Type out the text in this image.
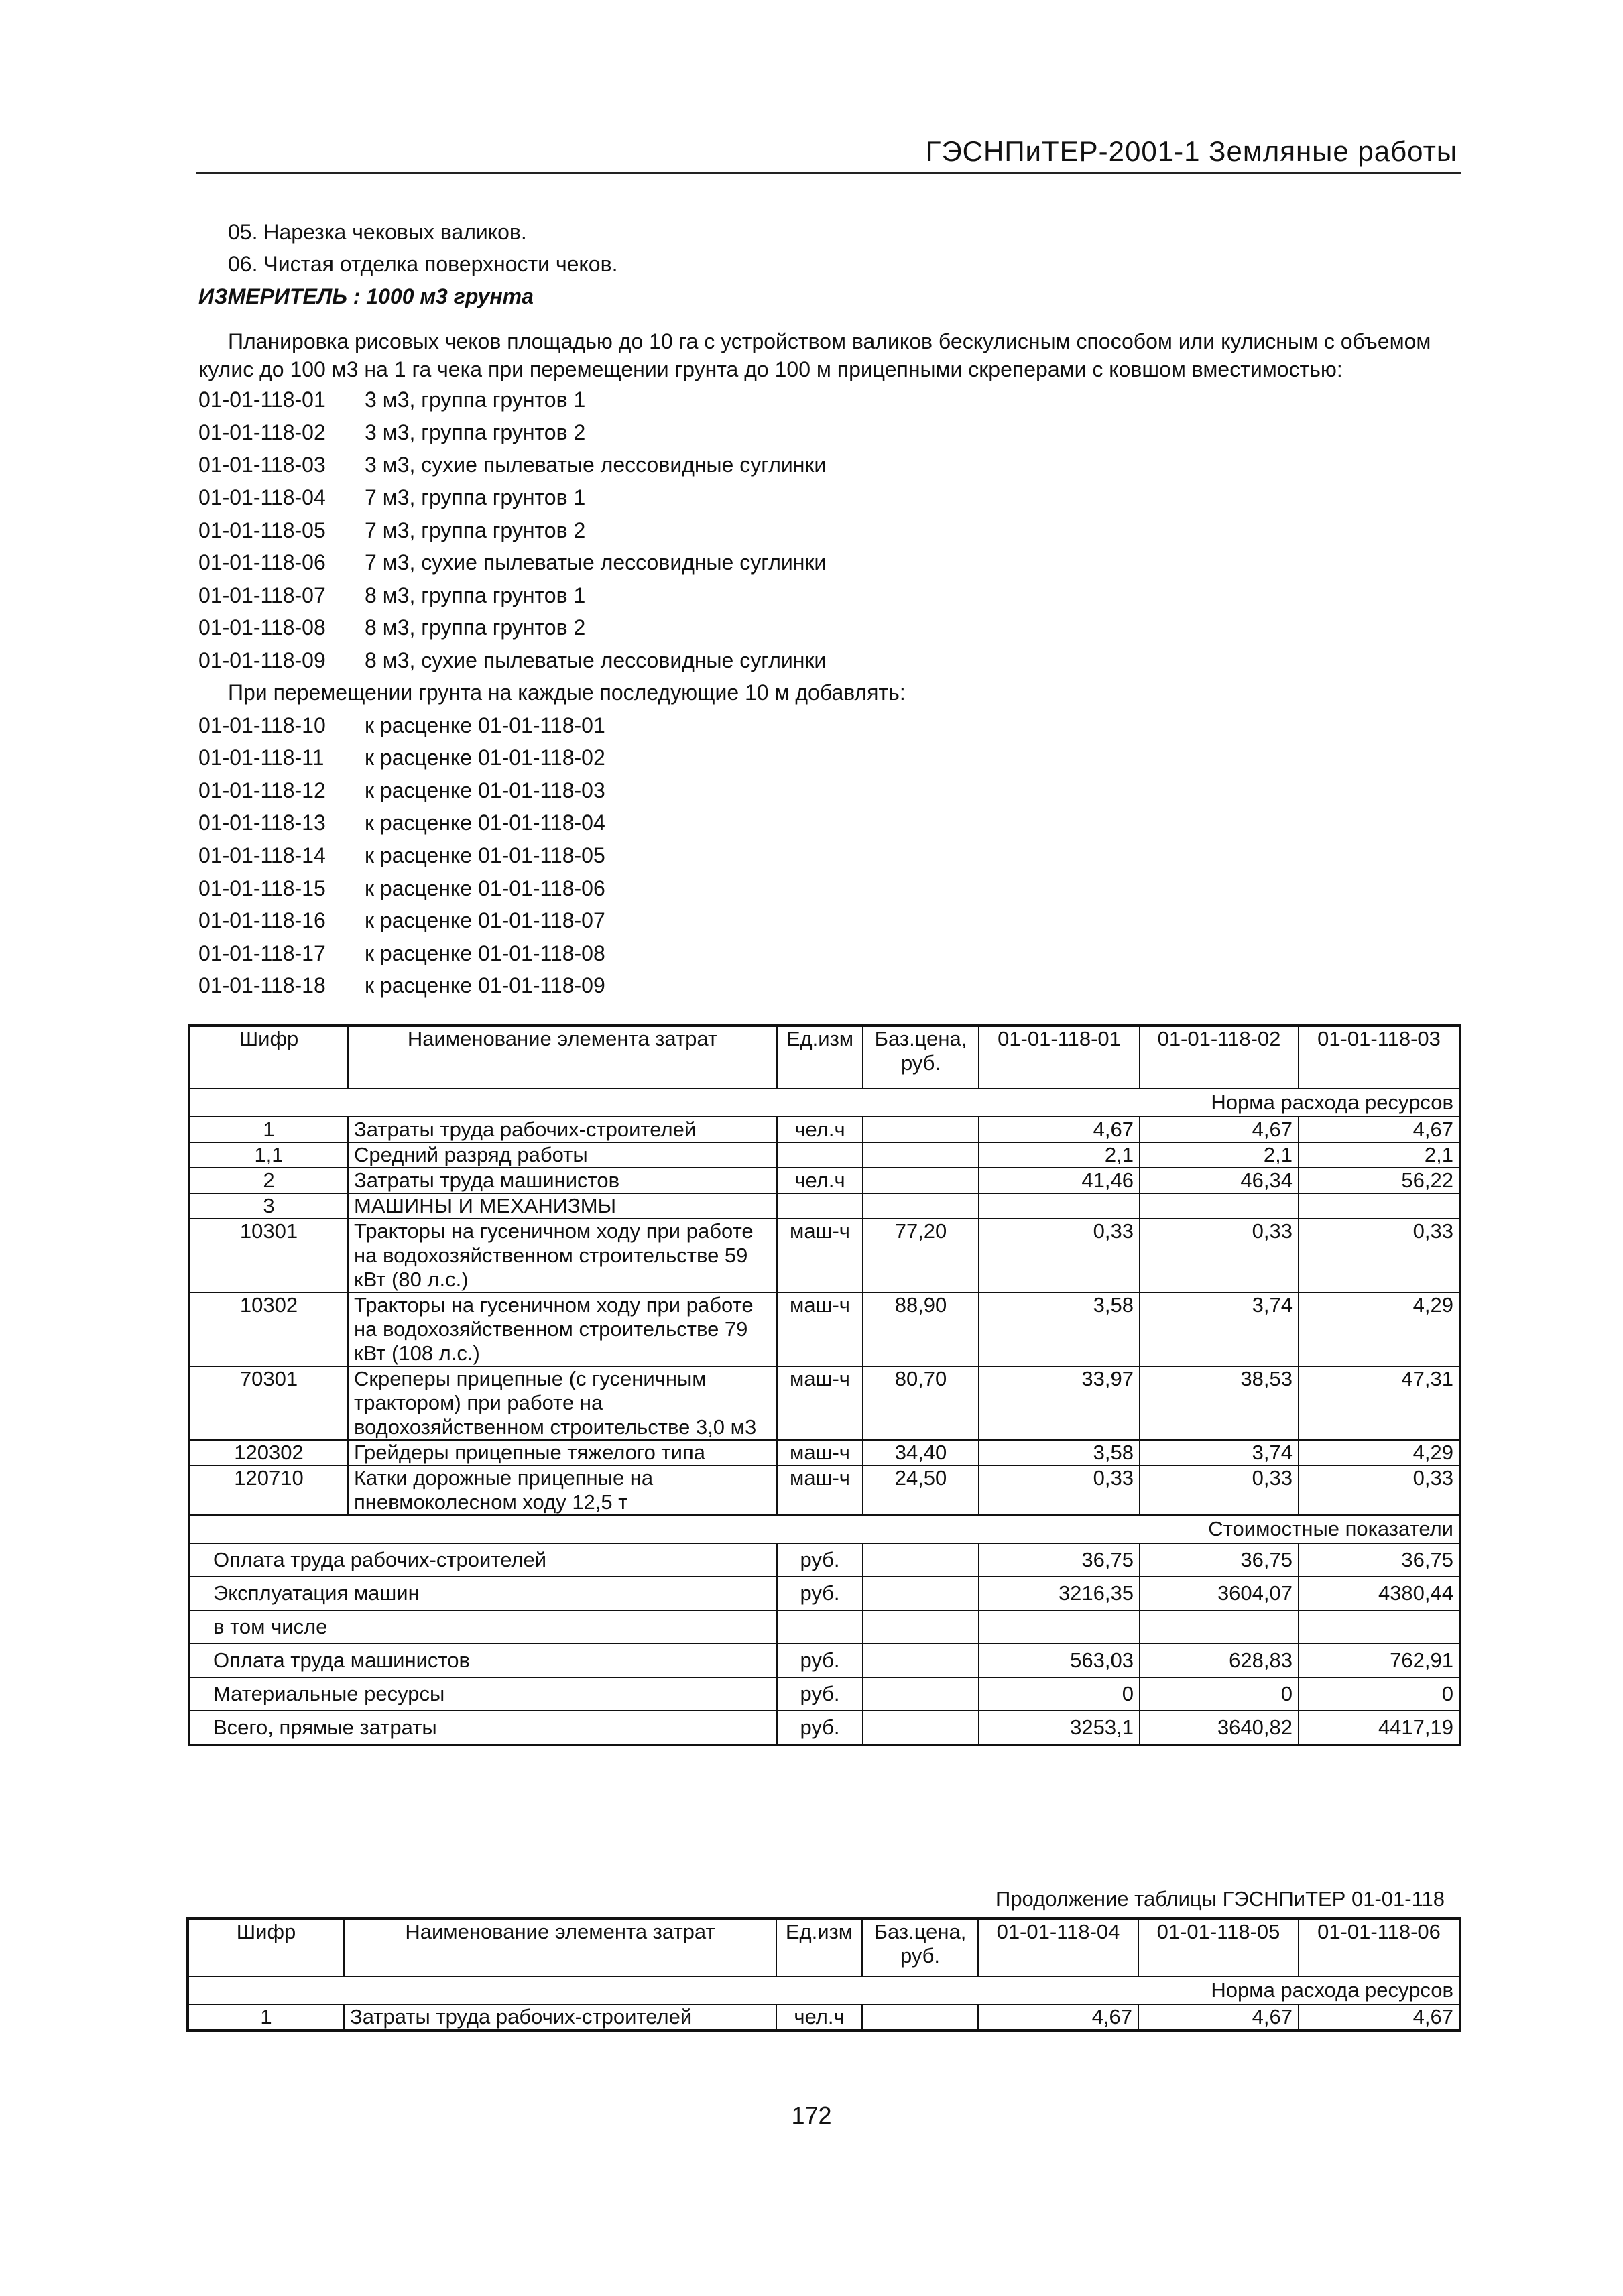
ГЭСНПиТЕР-2001-1 Земляные работы
05. Нарезка чековых валиков.
06. Чистая отделка поверхности чеков.
ИЗМЕРИТЕЛЬ : 1000 м3 грунта
Планировка рисовых чеков площадью до 10 га с устройством валиков бескулисным способом или кулисным с объемом кулис до 100 м3 на 1 га чека при перемещении грунта до 100 м прицепными скреперами с ковшом вместимостью:
01-01-118-01	3 м3, группа грунтов 1
01-01-118-02	3 м3, группа грунтов 2
01-01-118-03	3 м3, сухие пылеватые лессовидные суглинки
01-01-118-04	7 м3, группа грунтов 1
01-01-118-05	7 м3, группа грунтов 2
01-01-118-06	7 м3, сухие пылеватые лессовидные суглинки
01-01-118-07	8 м3, группа грунтов 1
01-01-118-08	8 м3, группа грунтов 2
01-01-118-09	8 м3, сухие пылеватые лессовидные суглинки
При перемещении грунта на каждые последующие 10 м добавлять:
01-01-118-10	к расценке 01-01-118-01
01-01-118-11	к расценке 01-01-118-02
01-01-118-12	к расценке 01-01-118-03
01-01-118-13	к расценке 01-01-118-04
01-01-118-14	к расценке 01-01-118-05
01-01-118-15	к расценке 01-01-118-06
01-01-118-16	к расценке 01-01-118-07
01-01-118-17	к расценке 01-01-118-08
01-01-118-18	к расценке 01-01-118-09
Шифр	Наименование элемента затрат	Ед.изм	Баз.цена, руб.	01-01-118-01	01-01-118-02	01-01-118-03
Норма расхода ресурсов						
1	Затраты труда рабочих-строителей	чел.ч		4,67	4,67	4,67
1,1	Средний разряд работы			2,1	2,1	2,1
2	Затраты труда машинистов	чел.ч		41,46	46,34	56,22
3	МАШИНЫ И МЕХАНИЗМЫ					
10301	Тракторы на гусеничном ходу при работе на водохозяйственном строительстве 59 кВт (80 л.с.)	маш-ч	77,20	0,33	0,33	0,33
10302	Тракторы на гусеничном ходу при работе на водохозяйственном строительстве 79 кВт (108 л.с.)	маш-ч	88,90	3,58	3,74	4,29
70301	Скреперы прицепные (с гусеничным трактором) при работе на водохозяйственном строительстве 3,0 м3	маш-ч	80,70	33,97	38,53	47,31
120302	Грейдеры прицепные тяжелого типа	маш-ч	34,40	3,58	3,74	4,29
120710	Катки дорожные прицепные на пневмоколесном ходу 12,5 т	маш-ч	24,50	0,33	0,33	0,33
Стоимостные показатели						
Оплата труда рабочих-строителей		руб.		36,75	36,75	36,75
Эксплуатация машин		руб.		3216,35	3604,07	4380,44
в том числе						
Оплата труда машинистов		руб.		563,03	628,83	762,91
Материальные ресурсы		руб.		0	0	0
Всего, прямые затраты		руб.		3253,1	3640,82	4417,19
Продолжение таблицы ГЭСНПиТЕР 01-01-118
Шифр	Наименование элемента затрат	Ед.изм	Баз.цена, руб.	01-01-118-04	01-01-118-05	01-01-118-06
Норма расхода ресурсов						
1	Затраты труда рабочих-строителей	чел.ч		4,67	4,67	4,67
172
